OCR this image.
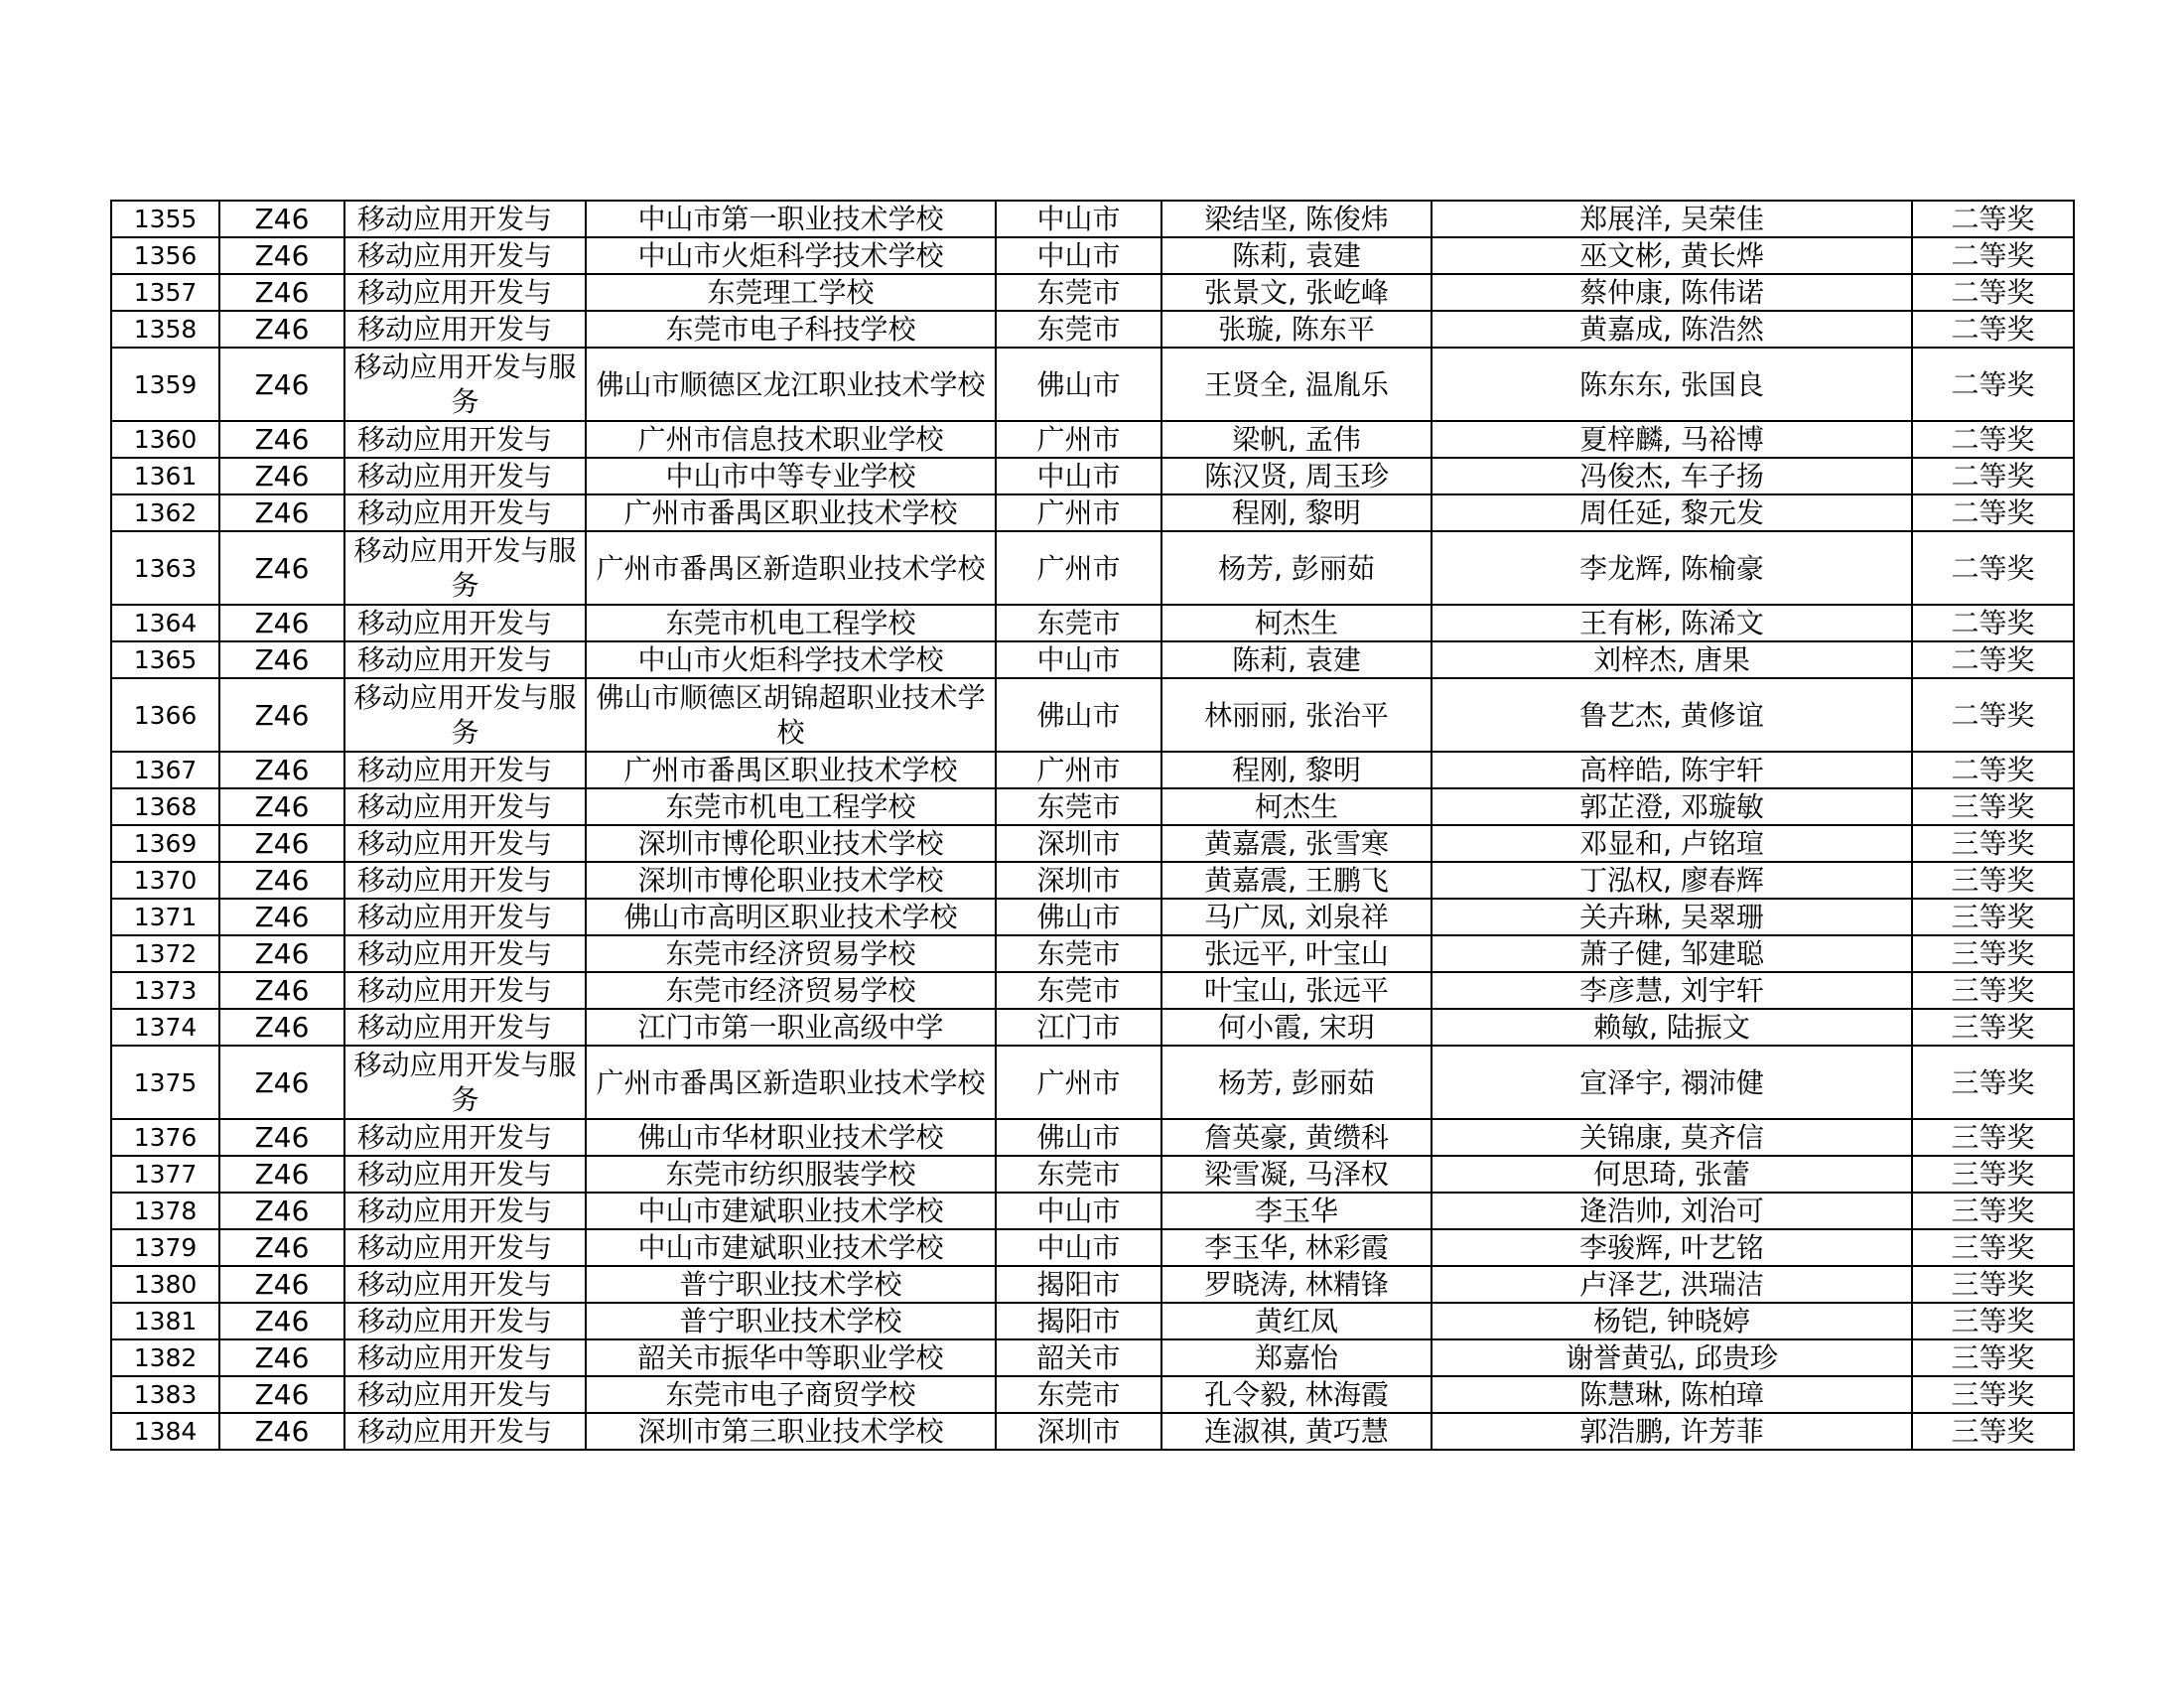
1355	Z46	移动应用开发与	中山市第一职业技术学校	中山市	梁结坚, 陈俊炜	郑展洋, 吴荣佳	二等奖
1356	Z46	移动应用开发与	中山市火炬科学技术学校	中山市	陈莉, 袁建	巫文彬, 黄长烨	二等奖
1357	Z46	移动应用开发与	东莞理工学校	东莞市	张景文, 张屹峰	蔡仲康, 陈伟诺	二等奖
1358	Z46	移动应用开发与	东莞市电子科技学校	东莞市	张璇, 陈东平	黄嘉成, 陈浩然	二等奖
1359	Z46	移动应用开发与服务	佛山市顺德区龙江职业技术学校	佛山市	王贤全, 温胤乐	陈东东, 张国良	二等奖
1360	Z46	移动应用开发与	广州市信息技术职业学校	广州市	梁帆, 孟伟	夏梓麟, 马裕博	二等奖
1361	Z46	移动应用开发与	中山市中等专业学校	中山市	陈汉贤, 周玉珍	冯俊杰, 车子扬	二等奖
1362	Z46	移动应用开发与	广州市番禺区职业技术学校	广州市	程刚, 黎明	周任延, 黎元发	二等奖
1363	Z46	移动应用开发与服务	广州市番禺区新造职业技术学校	广州市	杨芳, 彭丽茹	李龙辉, 陈榆豪	二等奖
1364	Z46	移动应用开发与	东莞市机电工程学校	东莞市	柯杰生	王有彬, 陈浠文	二等奖
1365	Z46	移动应用开发与	中山市火炬科学技术学校	中山市	陈莉, 袁建	刘梓杰, 唐果	二等奖
1366	Z46	移动应用开发与服务	佛山市顺德区胡锦超职业技术学校	佛山市	林丽丽, 张治平	鲁艺杰, 黄修谊	二等奖
1367	Z46	移动应用开发与	广州市番禺区职业技术学校	广州市	程刚, 黎明	高梓皓, 陈宇轩	二等奖
1368	Z46	移动应用开发与	东莞市机电工程学校	东莞市	柯杰生	郭芷澄, 邓璇敏	三等奖
1369	Z46	移动应用开发与	深圳市博伦职业技术学校	深圳市	黄嘉震, 张雪寒	邓显和, 卢铭瑄	三等奖
1370	Z46	移动应用开发与	深圳市博伦职业技术学校	深圳市	黄嘉震, 王鹏飞	丁泓权, 廖春辉	三等奖
1371	Z46	移动应用开发与	佛山市高明区职业技术学校	佛山市	马广凤, 刘泉祥	关卉琳, 吴翠珊	三等奖
1372	Z46	移动应用开发与	东莞市经济贸易学校	东莞市	张远平, 叶宝山	萧子健, 邹建聪	三等奖
1373	Z46	移动应用开发与	东莞市经济贸易学校	东莞市	叶宝山, 张远平	李彦慧, 刘宇轩	三等奖
1374	Z46	移动应用开发与	江门市第一职业高级中学	江门市	何小霞, 宋玥	赖敏, 陆振文	三等奖
1375	Z46	移动应用开发与服务	广州市番禺区新造职业技术学校	广州市	杨芳, 彭丽茹	宣泽宇, 禤沛健	三等奖
1376	Z46	移动应用开发与	佛山市华材职业技术学校	佛山市	詹英豪, 黄缵科	关锦康, 莫齐信	三等奖
1377	Z46	移动应用开发与	东莞市纺织服装学校	东莞市	梁雪凝, 马泽权	何思琦, 张蕾	三等奖
1378	Z46	移动应用开发与	中山市建斌职业技术学校	中山市	李玉华	逄浩帅, 刘治可	三等奖
1379	Z46	移动应用开发与	中山市建斌职业技术学校	中山市	李玉华, 林彩霞	李骏辉, 叶艺铭	三等奖
1380	Z46	移动应用开发与	普宁职业技术学校	揭阳市	罗晓涛, 林精锋	卢泽艺, 洪瑞洁	三等奖
1381	Z46	移动应用开发与	普宁职业技术学校	揭阳市	黄红凤	杨铠, 钟晓婷	三等奖
1382	Z46	移动应用开发与	韶关市振华中等职业学校	韶关市	郑嘉怡	谢誉黄弘, 邱贵珍	三等奖
1383	Z46	移动应用开发与	东莞市电子商贸学校	东莞市	孔令毅, 林海霞	陈慧琳, 陈柏璋	三等奖
1384	Z46	移动应用开发与	深圳市第三职业技术学校	深圳市	连淑祺, 黄巧慧	郭浩鹏, 许芳菲	三等奖
